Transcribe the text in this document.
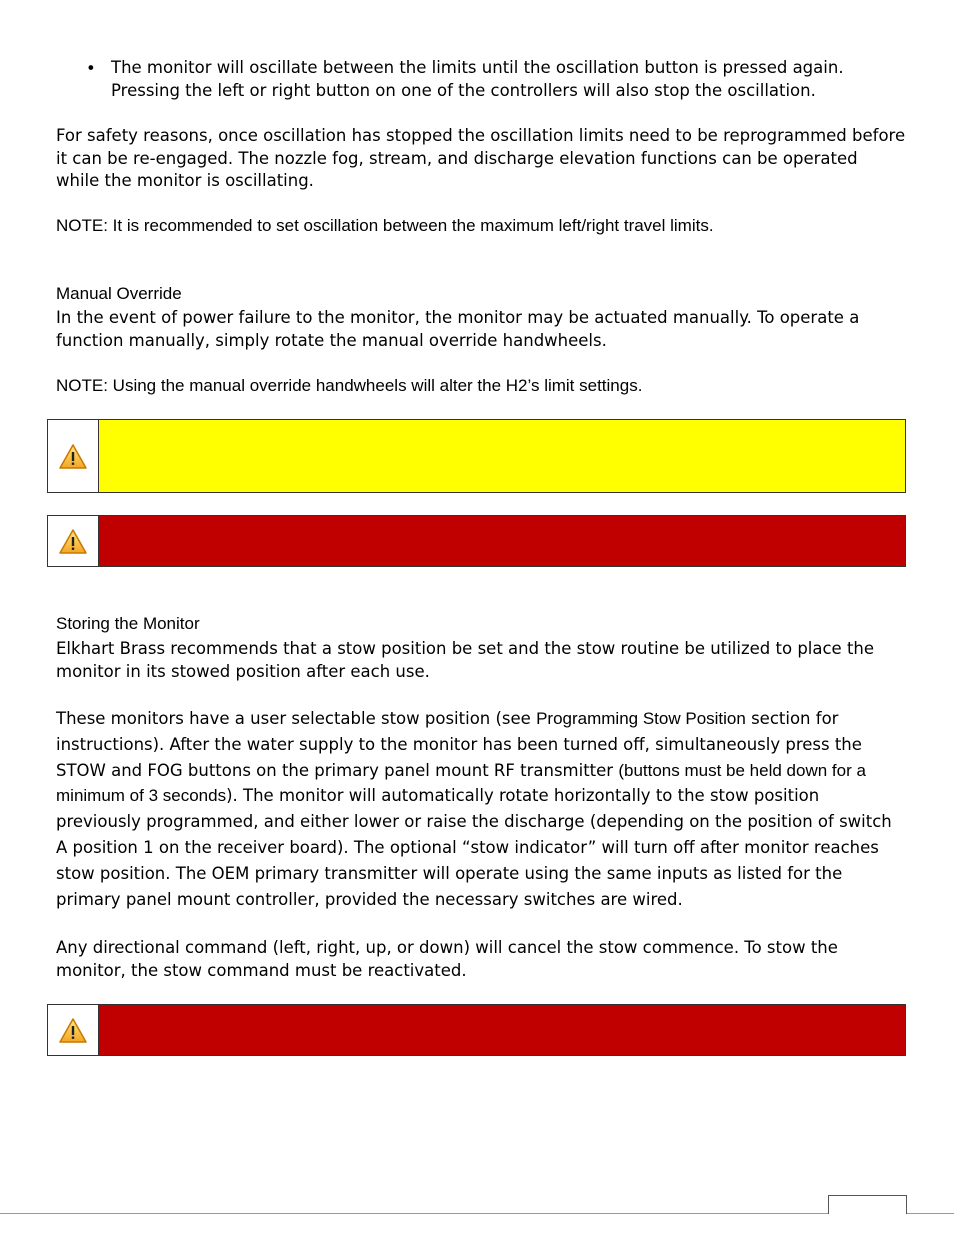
• The monitor will oscillate between the limits until the oscillation button is pressed again. Pressing the left or right button on one of the controllers will also stop the oscillation.

For safety reasons, once oscillation has stopped the oscillation limits need to be reprogrammed before it can be re-engaged. The nozzle fog, stream, and discharge elevation functions can be operated while the monitor is oscillating.

NOTE: It is recommended to set oscillation between the maximum left/right travel limits.

Manual Override

In the event of power failure to the monitor, the monitor may be actuated manually. To operate a function manually, simply rotate the manual override handwheels.

NOTE: Using the manual override handwheels will alter the H2’s limit settings.

Storing the Monitor

Elkhart Brass recommends that a stow position be set and the stow routine be utilized to place the monitor in its stowed position after each use.

These monitors have a user selectable stow position (see Programming Stow Position section for instructions). After the water supply to the monitor has been turned off, simultaneously press the STOW and FOG buttons on the primary panel mount RF transmitter (buttons must be held down for a minimum of 3 seconds). The monitor will automatically rotate horizontally to the stow position previously programmed, and either lower or raise the discharge (depending on the position of switch A position 1 on the receiver board). The optional “stow indicator” will turn off after monitor reaches stow position. The OEM primary transmitter will operate using the same inputs as listed for the primary panel mount controller, provided the necessary switches are wired.

Any directional command (left, right, up, or down) will cancel the stow commence. To stow the monitor, the stow command must be reactivated.
